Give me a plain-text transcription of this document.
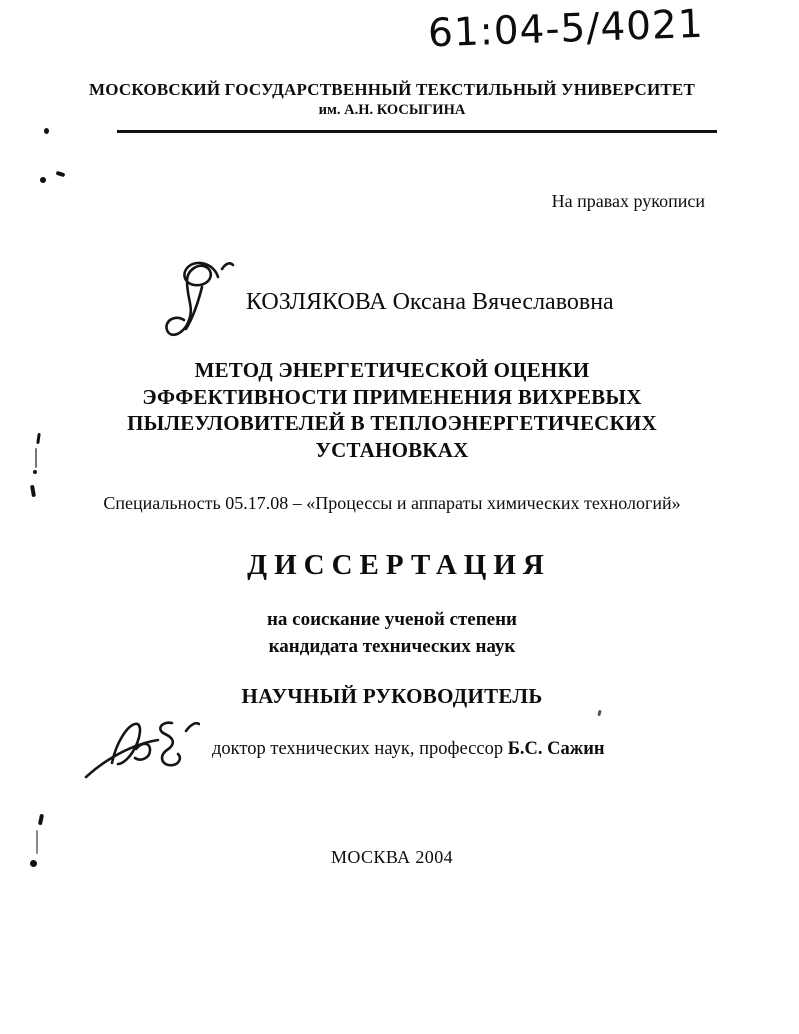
61:04-5/4021
МОСКОВСКИЙ ГОСУДАРСТВЕННЫЙ ТЕКСТИЛЬНЫЙ УНИВЕРСИТЕТ
им. А.Н. КОСЫГИНА
На правах рукописи
КОЗЛЯКОВА Оксана Вячеславовна
МЕТОД ЭНЕРГЕТИЧЕСКОЙ ОЦЕНКИ
ЭФФЕКТИВНОСТИ ПРИМЕНЕНИЯ ВИХРЕВЫХ
ПЫЛЕУЛОВИТЕЛЕЙ В ТЕПЛОЭНЕРГЕТИЧЕСКИХ
УСТАНОВКАХ
Специальность 05.17.08 – «Процессы и аппараты химических технологий»
ДИССЕРТАЦИЯ
на соискание ученой степени
кандидата технических наук
НАУЧНЫЙ РУКОВОДИТЕЛЬ
доктор технических наук, профессор Б.С. Сажин
МОСКВА 2004
